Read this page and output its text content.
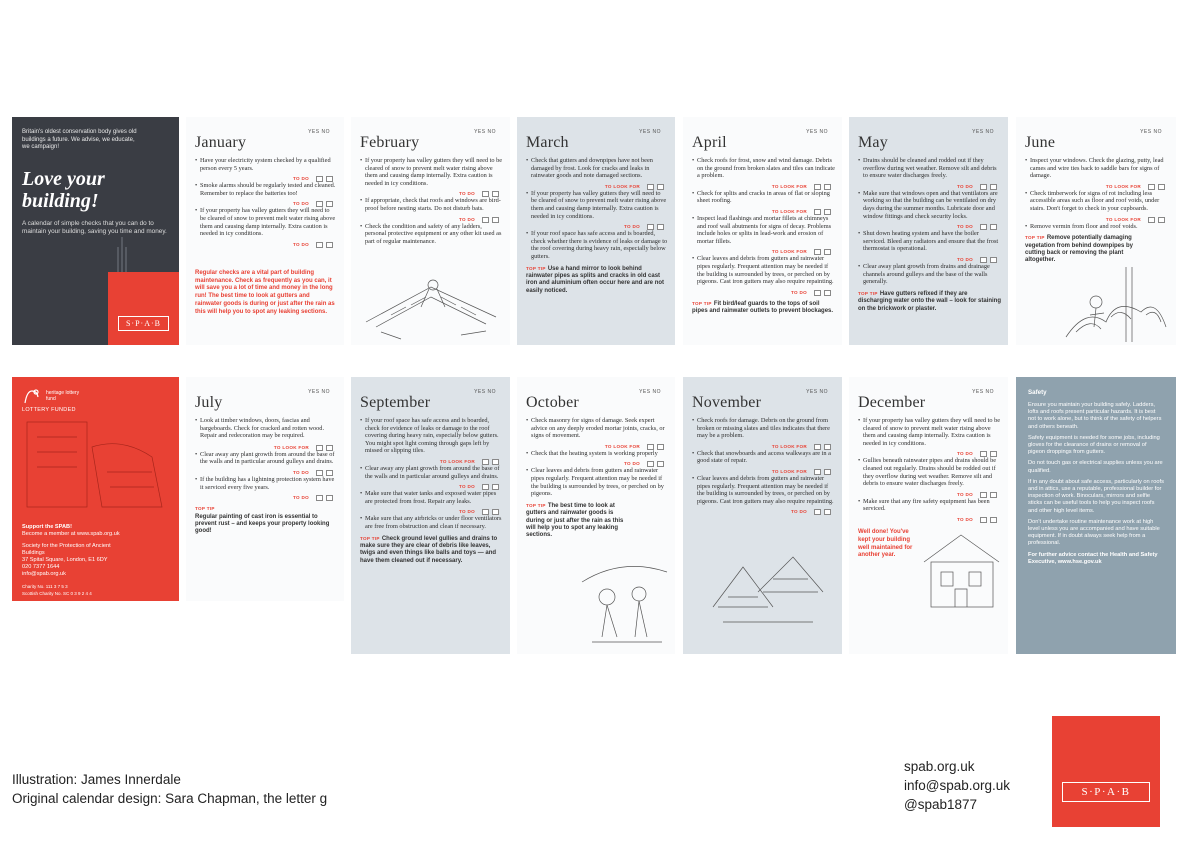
Britain's oldest conservation body gives old buildings a future. We advise, we educate, we campaign!
Love your
building!
A calendar of simple checks that you can do to maintain your building, saving you time and money.
S·P·A·B
YES NO
January
• Have your electricity system checked by a qualified person every 5 years.
TO DO
• Smoke alarms should be regularly tested and cleaned. Remember to replace the batteries too!
TO DO
• If your property has valley gutters they will need to be cleared of snow to prevent melt water rising above them and causing damp internally. Extra caution is needed in icy conditions.
TO DO
Regular checks are a vital part of building maintenance. Check as frequently as you can, it will save you a lot of time and money in the long run! The best time to look at gutters and rainwater goods is during or just after the rain as this will help you to spot any leaking sections.
YES NO
February
• If your property has valley gutters they will need to be cleared of snow to prevent melt water rising above them and causing damp internally. Extra caution is needed in icy conditions.
TO DO
• If appropriate, check that roofs and windows are bird-proof before nesting starts. Do not disturb bats.
TO DO
• Check the condition and safety of any ladders, personal protective equipment or any other kit used as part of regular maintenance.
YES NO
March
• Check that gutters and downpipes have not been damaged by frost. Look for cracks and leaks in rainwater goods and note damaged sections.
TO LOOK FOR
• If your property has valley gutters they will need to be cleared of snow to prevent melt water rising above them and causing damp internally. Extra caution is needed in icy conditions.
TO DO
• If your roof space has safe access and is boarded, check whether there is evidence of leaks or damage to the roof covering during heavy rain, especially below gutters.
TOP TIP Use a hand mirror to look behind rainwater pipes as splits and cracks in old cast iron and aluminium often occur here and are not easily noticed.
YES NO
April
• Check roofs for frost, snow and wind damage. Debris on the ground from broken slates and tiles can indicate a problem.
TO LOOK FOR
• Check for splits and cracks in areas of flat or sloping sheet roofing.
TO LOOK FOR
• Inspect lead flashings and mortar fillets at chimneys and roof wall abutments for signs of decay. Problems include holes or splits in lead-work and erosion of mortar fillets.
TO LOOK FOR
• Clear leaves and debris from gutters and rainwater pipes regularly. Frequent attention may be needed if the building is surrounded by trees, or perched on by pigeons. Cast iron gutters may also require repainting.
TO DO
TOP TIP Fit bird/leaf guards to the tops of soil pipes and rainwater outlets to prevent blockages.
YES NO
May
• Drains should be cleaned and rodded out if they overflow during wet weather. Remove silt and debris to ensure water discharges freely.
TO DO
• Make sure that windows open and that ventilators are working so that the building can be ventilated on dry days during the summer months. Lubricate door and window fittings and check security locks.
TO DO
• Shut down heating system and have the boiler serviced. Bleed any radiators and ensure that the frost thermostat is operational.
TO DO
• Clear away plant growth from drains and drainage channels around gulleys and the base of the walls generally.
TOP TIP Have gutters refixed if they are discharging water onto the wall – look for staining on the brickwork or plaster.
YES NO
June
• Inspect your windows. Check the glazing, putty, lead cames and wire ties back to saddle bars for signs of damage.
TO LOOK FOR
• Check timberwork for signs of rot including less accessible areas such as floor and roof voids, under stairs. Don't forget to check in your cupboards.
TO LOOK FOR
• Remove vermin from floor and roof voids.
TOP TIP Remove potentially damaging vegetation from behind downpipes by cutting back or removing the plant altogether.
heritage lottery fund
LOTTERY FUNDED
Support the SPAB!
Become a member at www.spab.org.uk
Society for the Protection of Ancient Buildings
37 Spital Square, London, E1 6DY
020 7377 1644
info@spab.org.uk
Charity No. 111 3 7 5 3
Scottish Charity No. SC 0 3 9 2 4 4
YES NO
July
• Look at timber windows, doors, fascias and bargeboards. Check for cracked and rotten wood. Repair and redecoration may be required.
TO LOOK FOR
• Clear away any plant growth from around the base of the walls and in particular around gulleys and drains.
TO DO
• If the building has a lightning protection system have it serviced every five years.
TO DO
TOP TIP
Regular painting of cast iron is essential to prevent rust – and keeps your property looking good!
YES NO
September
• If your roof space has safe access and is boarded, check for evidence of leaks or damage to the roof covering during heavy rain, especially below gutters. You might spot light coming through gaps left by missed or slipping tiles.
TO LOOK FOR
• Clear away any plant growth from around the base of the walls and in particular around gulleys and drains.
TO DO
• Make sure that water tanks and exposed water pipes are protected from frost. Repair any leaks.
TO DO
• Make sure that any airbricks or under floor ventilators are free from obstruction and clean if necessary.
TOP TIP Check ground level gullies and drains to make sure they are clear of debris like leaves, twigs and even things like balls and toys — and have them cleaned out if necessary.
YES NO
October
• Check masonry for signs of damage. Seek expert advice on any deeply eroded mortar joints, cracks, or signs of movement.
TO LOOK FOR
• Check that the heating system is working properly
TO DO
• Clear leaves and debris from gutters and rainwater pipes regularly. Frequent attention may be needed if the building is surrounded by trees, or perched on by pigeons.
TOP TIP The best time to look at gutters and rainwater goods is during or just after the rain as this will help you to spot any leaking sections.
YES NO
November
• Check roofs for damage. Debris on the ground from broken or missing slates and tiles indicates that there may be a problem.
TO LOOK FOR
• Check that snowboards and access walkways are in a good state of repair.
TO LOOK FOR
• Clear leaves and debris from gutters and rainwater pipes regularly. Frequent attention may be needed if the building is surrounded by trees, or perched on by pigeons. Cast iron gutters may also require repainting.
TO DO
YES NO
December
• If your property has valley gutters they will need to be cleared of snow to prevent melt water rising above them and causing damp internally. Extra caution is needed in icy conditions.
TO DO
• Gullies beneath rainwater pipes and drains should be cleaned out regularly. Drains should be rodded out if they overflow during wet weather. Remove silt and debris to ensure water discharges freely.
TO DO
• Make sure that any fire safety equipment has been serviced.
TO DO
Well done! You've kept your building well maintained for another year.
Safety

Ensure you maintain your building safely. Ladders, lofts and roofs present particular hazards. It is best not to work alone, but to think of the safety of helpers and others beneath.

Safety equipment is needed for some jobs, including gloves for the clearance of drains or removal of pigeon droppings from gutters.

Do not touch gas or electrical supplies unless you are qualified.

If in any doubt about safe access, particularly on roofs and in attics, use a reputable, professional builder for inspection of work. Binoculars, mirrors and selfie sticks can be useful tools to help you inspect roofs and other high level items.

Don't undertake routine maintenance work at high level unless you are accompanied and have suitable equipment. If in doubt always seek help from a professional.

For further advice contact the Health and Safety Executive, www.hse.gov.uk

Illustration: James Innerdale
Original calendar design: Sara Chapman, the letter g
spab.org.uk
info@spab.org.uk
@spab1877
S·P·A·B
